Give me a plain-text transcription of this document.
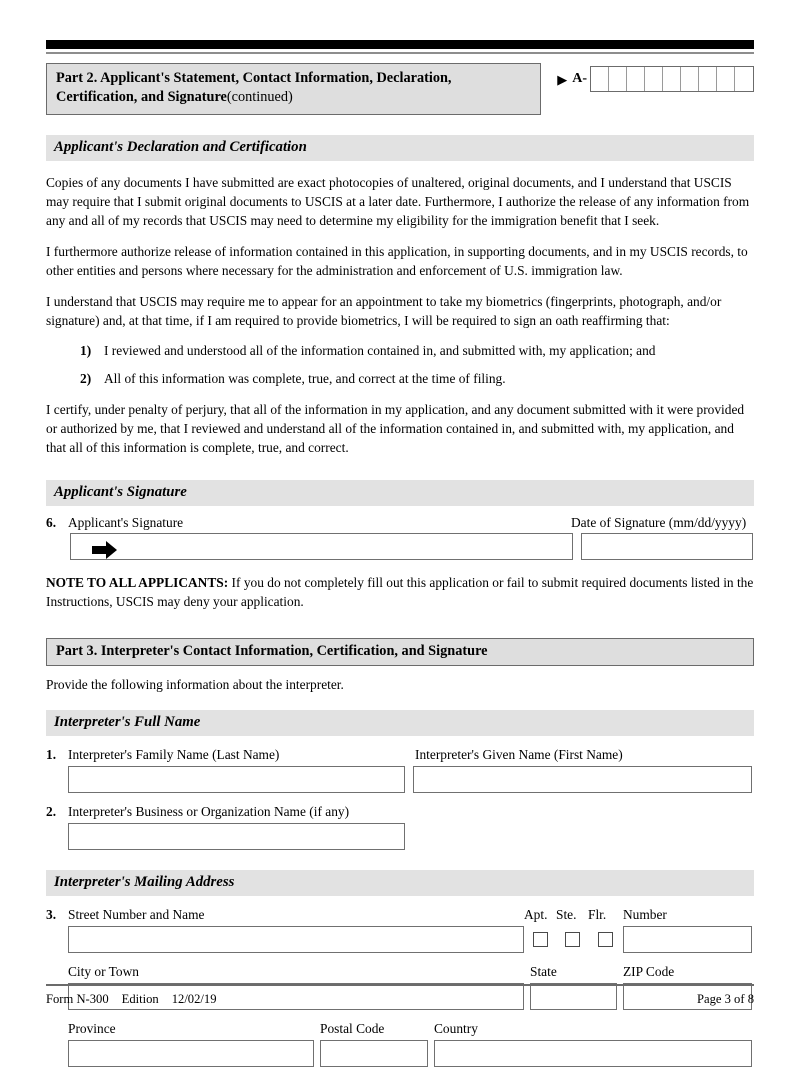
Part 2. Applicant's Statement, Contact Information, Declaration,
Certification, and Signature(continued)
▶ A-
Applicant's Declaration and Certification

Copies of any documents I have submitted are exact photocopies of unaltered, original documents, and I understand that USCIS may require that I submit original documents to USCIS at a later date. Furthermore, I authorize the release of any information from any and all of my records that USCIS may need to determine my eligibility for the immigration benefit that I seek.

I furthermore authorize release of information contained in this application, in supporting documents, and in my USCIS records, to other entities and persons where necessary for the administration and enforcement of U.S. immigration law.

I understand that USCIS may require me to appear for an appointment to take my biometrics (fingerprints, photograph, and/or signature) and, at that time, if I am required to provide biometrics, I will be required to sign an oath reaffirming that:

1) I reviewed and understood all of the information contained in, and submitted with, my application; and
2) All of this information was complete, true, and correct at the time of filing.

I certify, under penalty of perjury, that all of the information in my application, and any document submitted with it were provided or authorized by me, that I reviewed and understand all of the information contained in, and submitted with, my application, and that all of this information is complete, true, and correct.

Applicant's Signature
6. Applicant's Signature	Date of Signature (mm/dd/yyyy)
NOTE TO ALL APPLICANTS: If you do not completely fill out this application or fail to submit required documents listed in the Instructions, USCIS may deny your application.
Part 3. Interpreter's Contact Information, Certification, and Signature
Provide the following information about the interpreter.
Interpreter's Full Name
1. Interpreter's Family Name (Last Name)	Interpreter's Given Name (First Name)
2. Interpreter's Business or Organization Name (if any)
Interpreter's Mailing Address
3. Street Number and Name	Apt. Ste. Flr.	Number
City or Town	State	ZIP Code
Province	Postal Code	Country
Form N-300 Edition 12/02/19	Page 3 of 8
